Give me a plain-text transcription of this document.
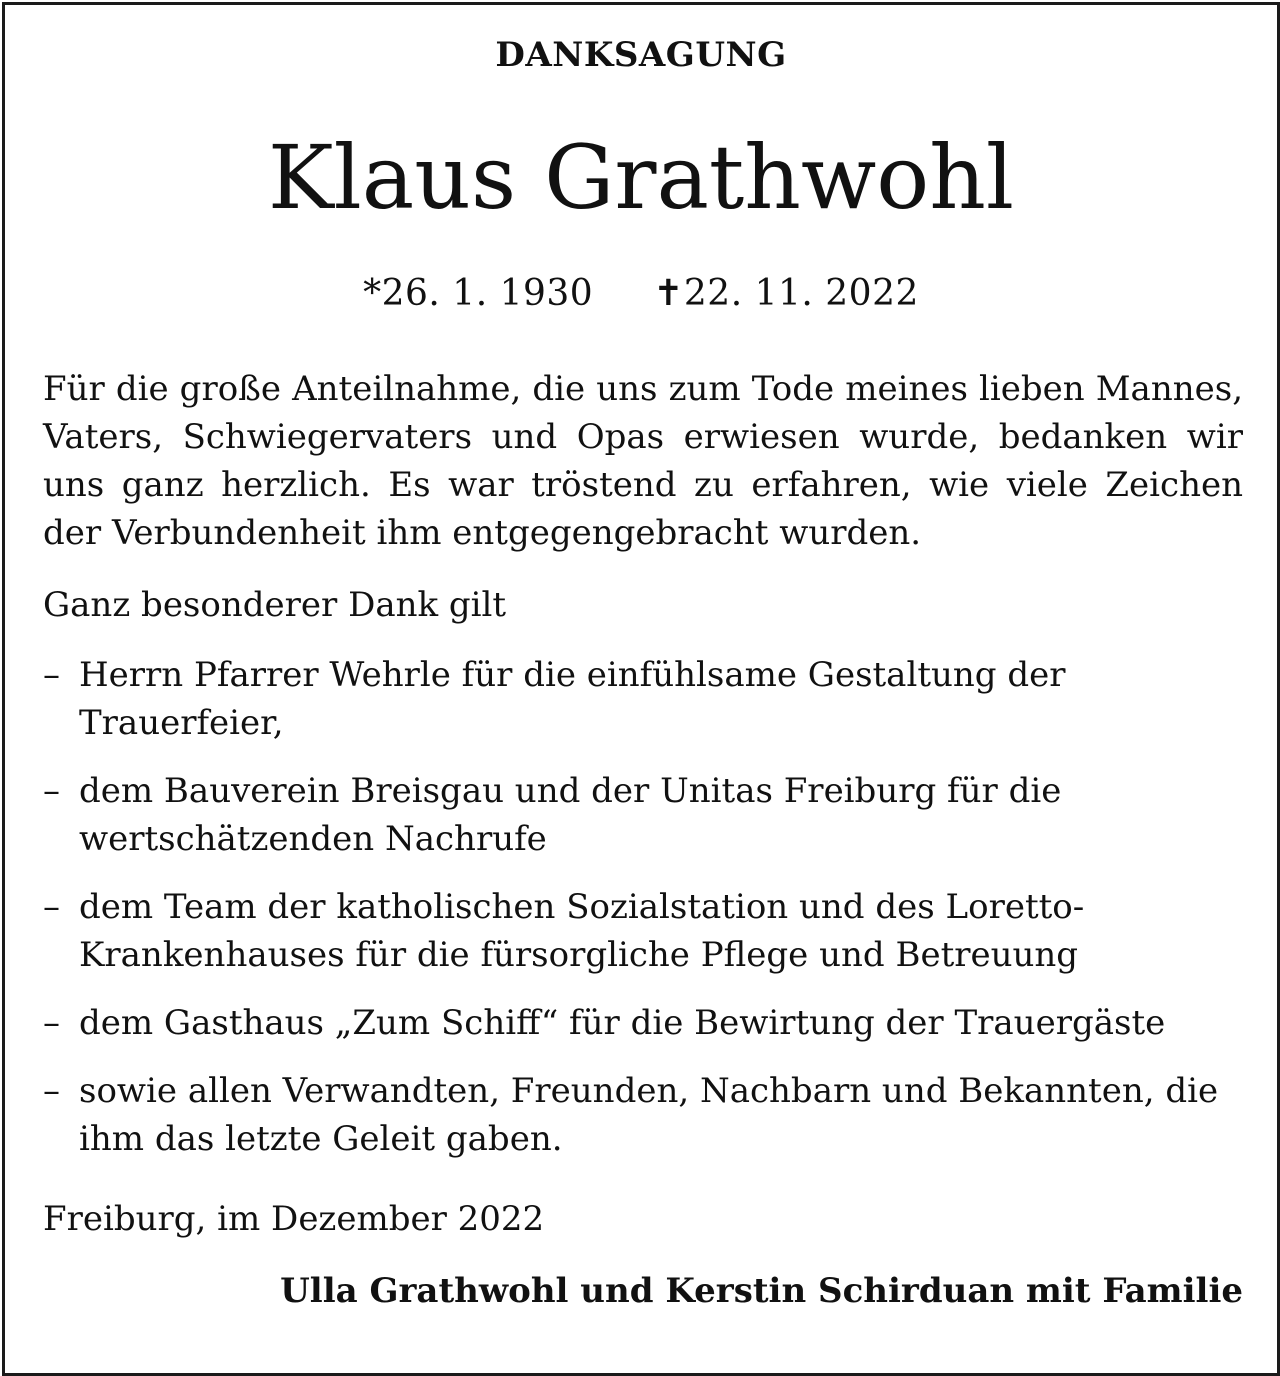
DANKSAGUNG
Klaus Grathwohl
*26. 1. 1930 ✝22. 11. 2022

Für die große Anteilnahme, die uns zum Tode meines lieben Mannes, Vaters, Schwiegervaters und Opas erwiesen wurde, bedanken wir uns ganz herzlich. Es war tröstend zu erfahren, wie viele Zeichen der Verbundenheit ihm entgegengebracht wurden.

Ganz besonderer Dank gilt

– Herrn Pfarrer Wehrle für die einfühlsame Gestaltung der Trauerfeier,
– dem Bauverein Breisgau und der Unitas Freiburg für die wertschätzenden Nachrufe
– dem Team der katholischen Sozialstation und des Loretto-Krankenhauses für die fürsorgliche Pflege und Betreuung
– dem Gasthaus „Zum Schiff“ für die Bewirtung der Trauergäste
– sowie allen Verwandten, Freunden, Nachbarn und Bekannten, die ihm das letzte Geleit gaben.

Freiburg, im Dezember 2022

Ulla Grathwohl und Kerstin Schirduan mit Familie
